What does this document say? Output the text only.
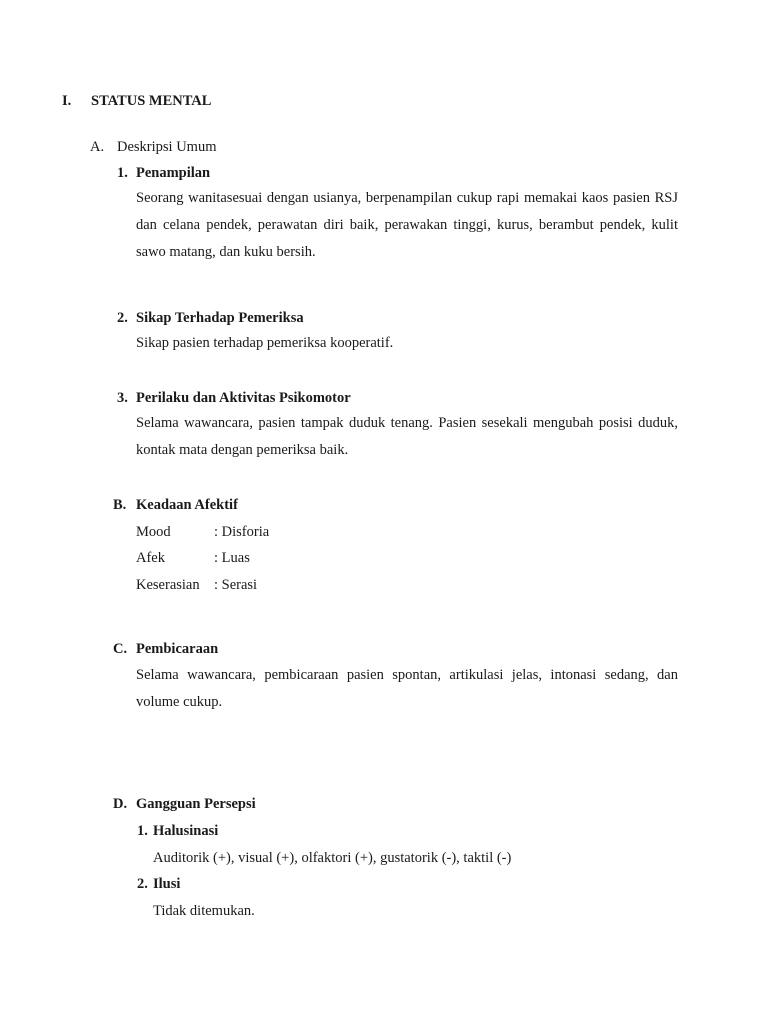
I. STATUS MENTAL
A. Deskripsi Umum
1. Penampilan
Seorang wanitasesuai dengan usianya, berpenampilan cukup rapi memakai kaos pasien RSJ
dan celana pendek, perawatan diri baik, perawakan tinggi, kurus, berambut pendek, kulit
sawo matang, dan kuku bersih.
2. Sikap Terhadap Pemeriksa
Sikap pasien terhadap pemeriksa kooperatif.
3. Perilaku dan Aktivitas Psikomotor
Selama wawancara, pasien tampak duduk tenang. Pasien sesekali mengubah posisi duduk,
kontak mata dengan pemeriksa baik.
B. Keadaan Afektif
Mood	: Disforia
Afek	: Luas
Keserasian : Serasi
C. Pembicaraan
Selama wawancara, pembicaraan pasien spontan, artikulasi jelas, intonasi sedang, dan
volume cukup.
D. Gangguan Persepsi
1. Halusinasi
Auditorik (+), visual (+), olfaktori (+), gustatorik (-), taktil (-)
2. Ilusi
Tidak ditemukan.
